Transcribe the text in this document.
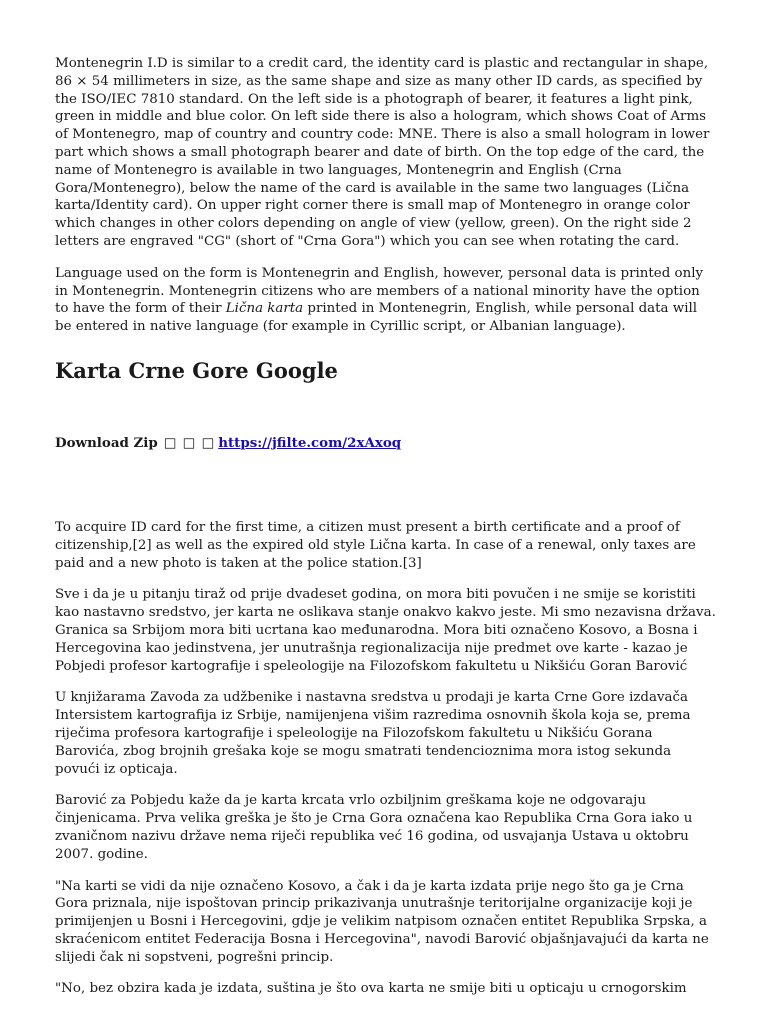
Montenegrin I.D is similar to a credit card, the identity card is plastic and rectangular in shape, 86 × 54 millimeters in size, as the same shape and size as many other ID cards, as specified by the ISO/IEC 7810 standard. On the left side is a photograph of bearer, it features a light pink, green in middle and blue color. On left side there is also a hologram, which shows Coat of Arms of Montenegro, map of country and country code: MNE. There is also a small hologram in lower part which shows a small photograph bearer and date of birth. On the top edge of the card, the name of Montenegro is available in two languages, Montenegrin and English (Crna Gora/Montenegro), below the name of the card is available in the same two languages (Lična karta/Identity card). On upper right corner there is small map of Montenegro in orange color which changes in other colors depending on angle of view (yellow, green). On the right side 2 letters are engraved "CG" (short of "Crna Gora") which you can see when rotating the card.

Language used on the form is Montenegrin and English, however, personal data is printed only in Montenegrin. Montenegrin citizens who are members of a national minority have the option to have the form of their Lična karta printed in Montenegrin, English, while personal data will be entered in native language (for example in Cyrillic script, or Albanian language).

Karta Crne Gore Google
Download Zip □ □ □ https://jfilte.com/2xAxoq

To acquire ID card for the first time, a citizen must present a birth certificate and a proof of citizenship,[2] as well as the expired old style Lična karta. In case of a renewal, only taxes are paid and a new photo is taken at the police station.[3]

Sve i da je u pitanju tiraž od prije dvadeset godina, on mora biti povučen i ne smije se koristiti kao nastavno sredstvo, jer karta ne oslikava stanje onakvo kakvo jeste. Mi smo nezavisna država. Granica sa Srbijom mora biti ucrtana kao međunarodna. Mora biti označeno Kosovo, a Bosna i Hercegovina kao jedinstvena, jer unutrašnja regionalizacija nije predmet ove karte - kazao je Pobjedi profesor kartografije i speleologije na Filozofskom fakultetu u Nikšiću Goran Barović

U knjižarama Zavoda za udžbenike i nastavna sredstva u prodaji je karta Crne Gore izdavača Intersistem kartografija iz Srbije, namijenjena višim razredima osnovnih škola koja se, prema riječima profesora kartografije i speleologije na Filozofskom fakultetu u Nikšiću Gorana Barovića, zbog brojnih grešaka koje se mogu smatrati tendencioznima mora istog sekunda povući iz opticaja.

Barović za Pobjedu kaže da je karta krcata vrlo ozbiljnim greškama koje ne odgovaraju činjenicama. Prva velika greška je što je Crna Gora označena kao Republika Crna Gora iako u zvaničnom nazivu države nema riječi republika već 16 godina, od usvajanja Ustava u oktobru 2007. godine.

"Na karti se vidi da nije označeno Kosovo, a čak i da je karta izdata prije nego što ga je Crna Gora priznala, nije ispoštovan princip prikazivanja unutrašnje teritorijalne organizacije koji je primijenjen u Bosni i Hercegovini, gdje je velikim natpisom označen entitet Republika Srpska, a skraćenicom entitet Federacija Bosna i Hercegovina", navodi Barović objašnjavajući da karta ne slijedi čak ni sopstveni, pogrešni princip.

"No, bez obzira kada je izdata, suština je što ova karta ne smije biti u opticaju u crnogorskim
